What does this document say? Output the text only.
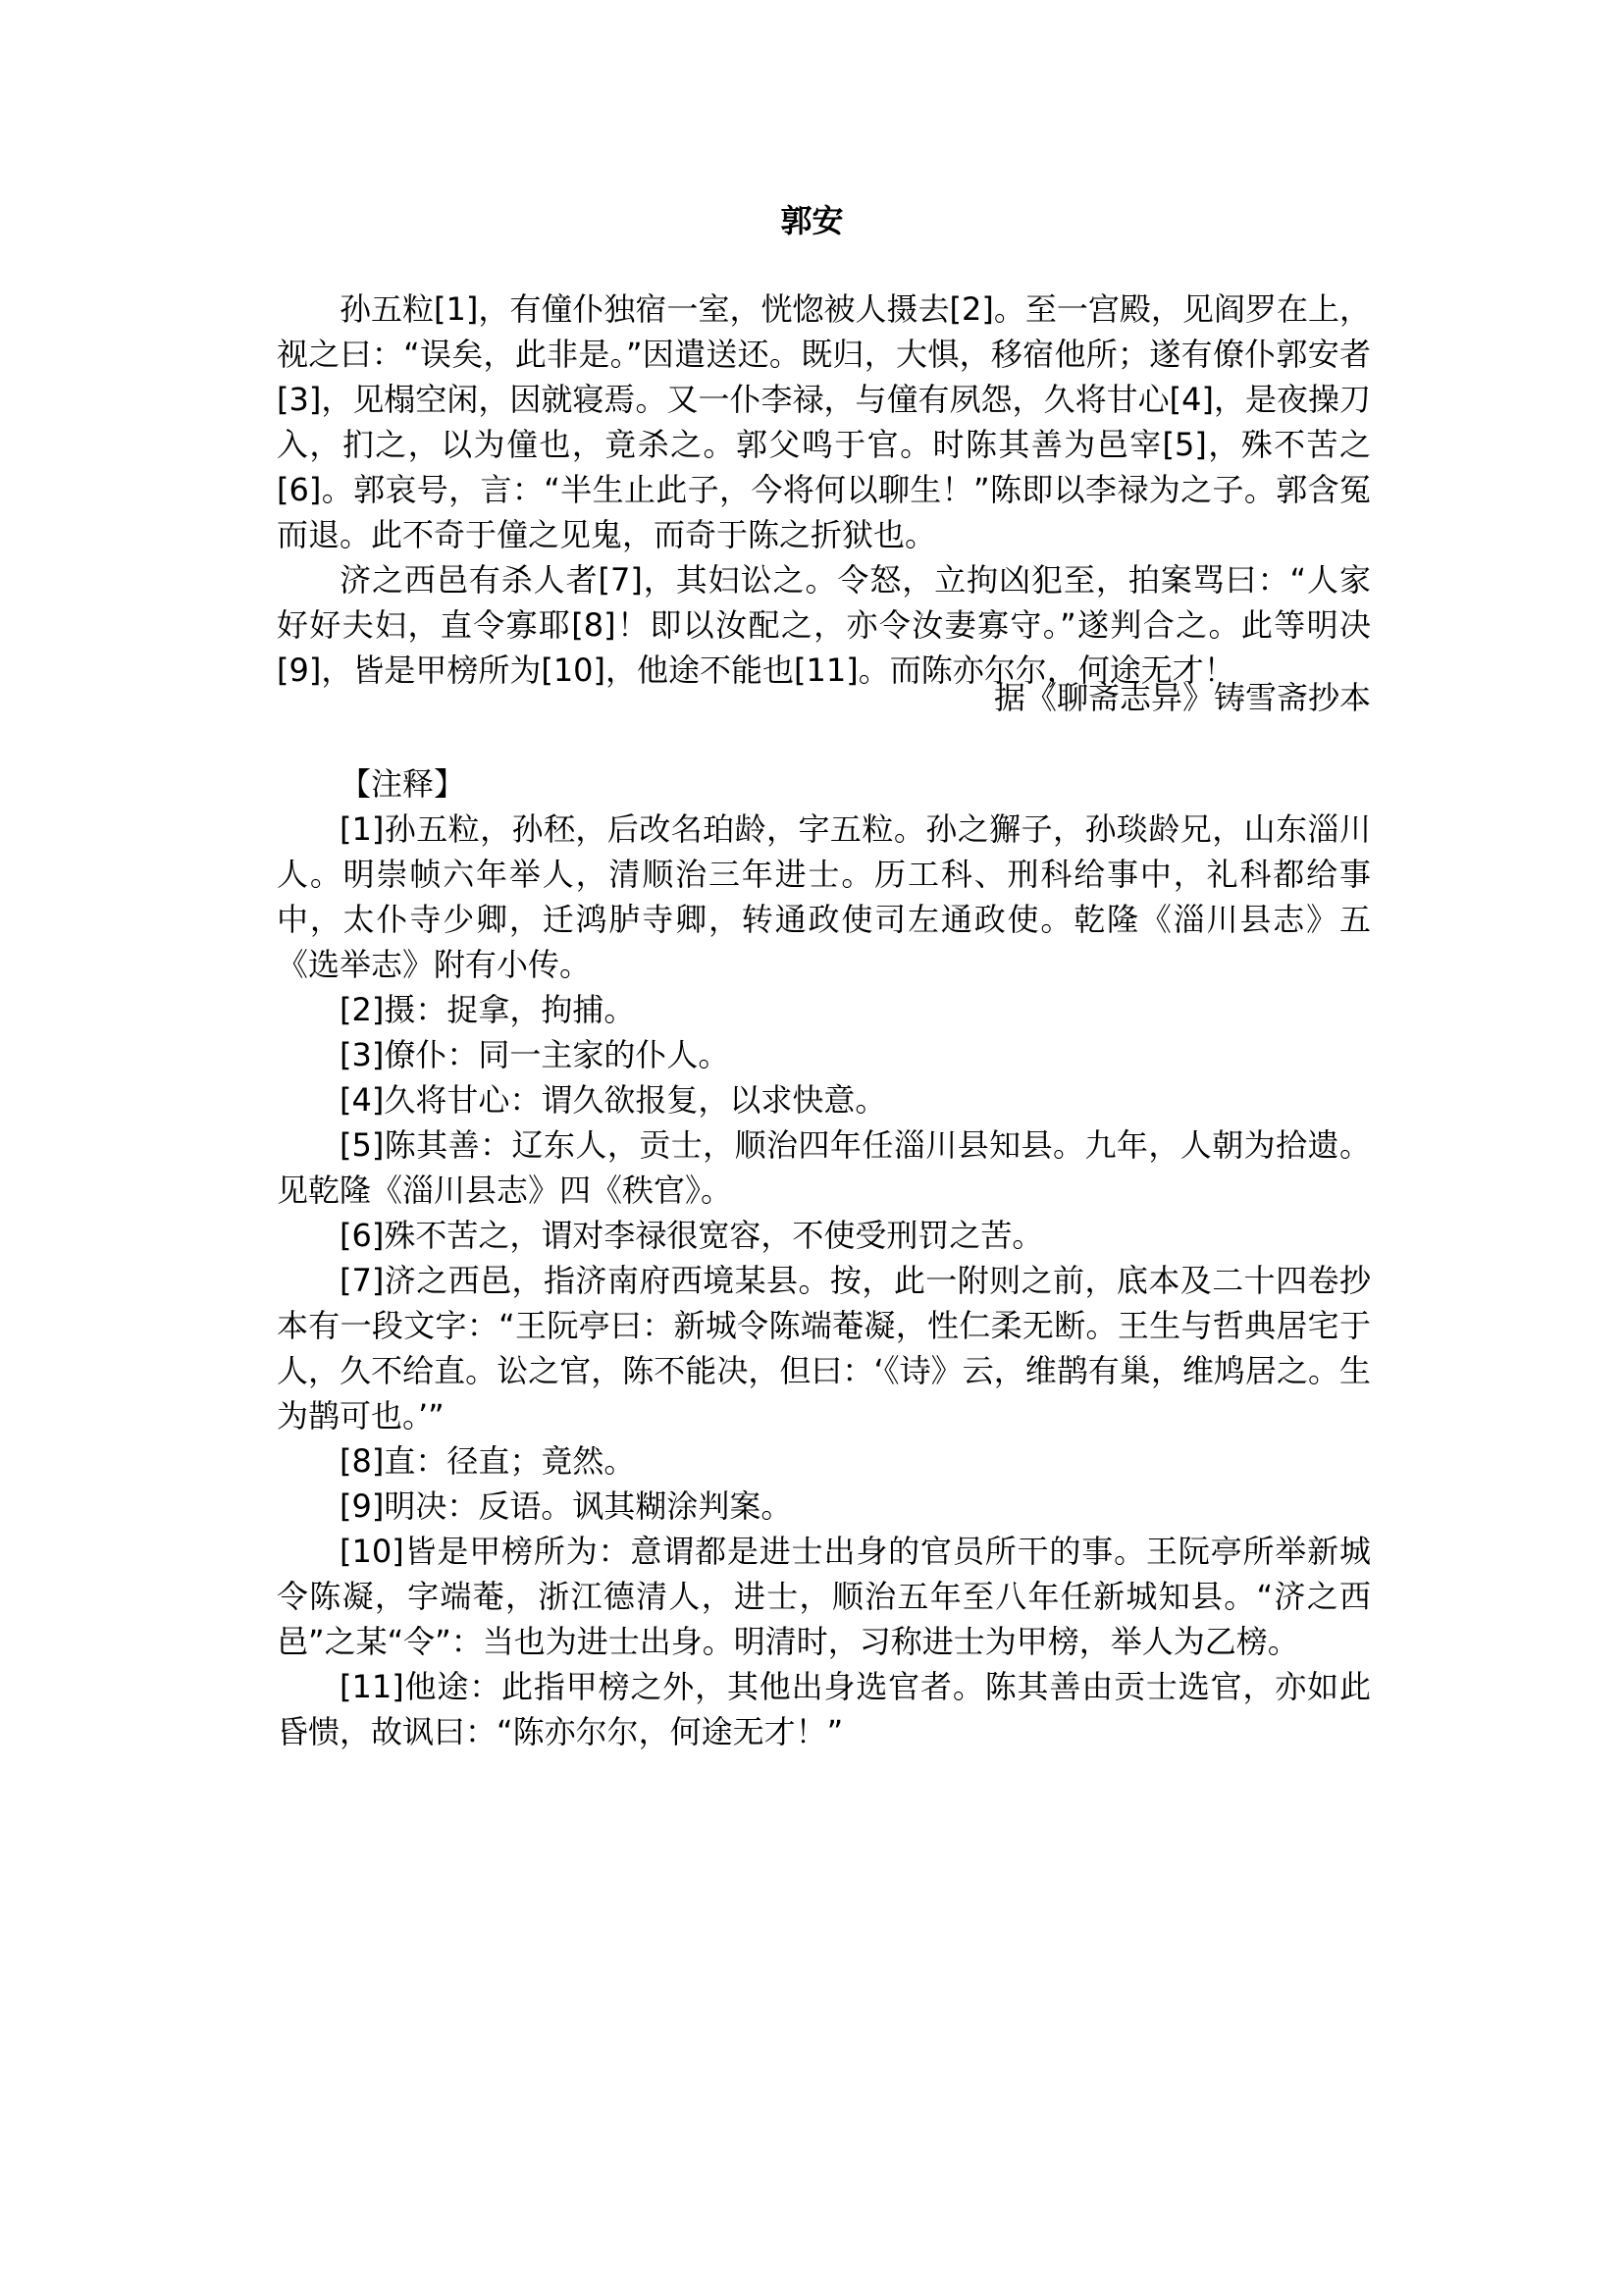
郭安

孙五粒[1]，有僮仆独宿一室，恍惚被人摄去[2]。至一宫殿，见阎罗在上，视之曰：“误矣，此非是。”因遣送还。既归，大惧，移宿他所；遂有僚仆郭安者[3]，见榻空闲，因就寝焉。又一仆李禄，与僮有夙怨，久将甘心[4]，是夜操刀入，扪之，以为僮也，竟杀之。郭父鸣于官。时陈其善为邑宰[5]，殊不苦之[6]。郭哀号，言：“半生止此子，今将何以聊生！”陈即以李禄为之子。郭含冤而退。此不奇于僮之见鬼，而奇于陈之折狱也。

济之西邑有杀人者[7]，其妇讼之。令怒，立拘凶犯至，拍案骂曰：“人家好好夫妇，直令寡耶[8]！即以汝配之，亦令汝妻寡守。”遂判合之。此等明决[9]，皆是甲榜所为[10]，他途不能也[11]。而陈亦尔尔，何途无才！

据《聊斋志异》铸雪斋抄本
【注释】

[1]孙五粒，孙秠，后改名珀龄，字五粒。孙之獬子，孙琰龄兄，山东淄川人。明崇帧六年举人，清顺治三年进士。历工科、刑科给事中，礼科都给事中，太仆寺少卿，迁鸿胪寺卿，转通政使司左通政使。乾隆《淄川县志》五《选举志》附有小传。

[2]摄：捉拿，拘捕。

[3]僚仆：同一主家的仆人。

[4]久将甘心：谓久欲报复，以求快意。

[5]陈其善：辽东人，贡士，顺治四年任淄川县知县。九年，人朝为拾遗。见乾隆《淄川县志》四《秩官》。

[6]殊不苦之，谓对李禄很宽容，不使受刑罚之苦。

[7]济之西邑，指济南府西境某县。按，此一附则之前，底本及二十四卷抄本有一段文字：“王阮亭曰：新城令陈端菴凝，性仁柔无断。王生与哲典居宅于人，久不给直。讼之官，陈不能决，但曰：‘《诗》云，维鹊有巢，维鸠居之。生为鹊可也。’”

[8]直：径直；竟然。

[9]明决：反语。讽其糊涂判案。

[10]皆是甲榜所为：意谓都是进士出身的官员所干的事。王阮亭所举新城令陈凝，字端菴，浙江德清人，进士，顺治五年至八年任新城知县。“济之西邑”之某“令”：当也为进士出身。明清时，习称进士为甲榜，举人为乙榜。

[11]他途：此指甲榜之外，其他出身选官者。陈其善由贡士选官，亦如此昏愦，故讽曰：“陈亦尔尔，何途无才！”
